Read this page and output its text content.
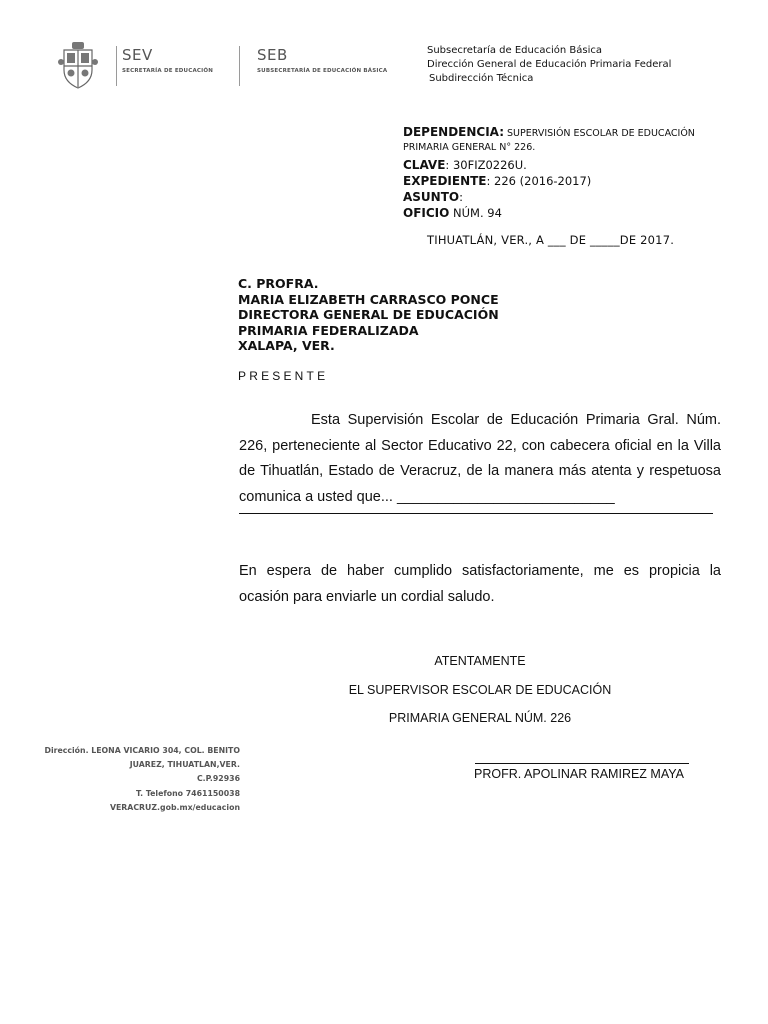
SEV
SECRETARÍA DE EDUCACIÓN
SEB
SUBSECRETARÍA DE EDUCACIÓN BÁSICA
Subsecretaría de Educación Básica
Dirección General de Educación Primaria Federal
Subdirección Técnica
DEPENDENCIA: SUPERVISIÓN ESCOLAR DE EDUCACIÓN
PRIMARIA GENERAL N° 226.
CLAVE: 30FIZ0226U.
EXPEDIENTE: 226 (2016-2017)
ASUNTO:
OFICIO NÚM. 94
TIHUATLÁN, VER., A ___ DE _____DE 2017.
C. PROFRA.
MARIA ELIZABETH CARRASCO PONCE
DIRECTORA GENERAL DE EDUCACIÓN
PRIMARIA FEDERALIZADA
XALAPA, VER.
PRESENTE
Esta Supervisión Escolar de Educación Primaria Gral. Núm. 226, perteneciente al Sector Educativo 22, con cabecera oficial en la Villa de Tihuatlán, Estado de Veracruz, de la manera más atenta y respetuosa comunica a usted que... ___________________________
En espera de haber cumplido satisfactoriamente, me es propicia la ocasión para enviarle un cordial saludo.
ATENTAMENTE
EL SUPERVISOR ESCOLAR DE EDUCACIÓN
PRIMARIA GENERAL NÚM. 226
PROFR. APOLINAR RAMIREZ MAYA
Dirección. LEONA VICARIO 304, COL. BENITO
JUAREZ, TIHUATLAN,VER.
C.P.92936
T. Telefono 7461150038
VERACRUZ.gob.mx/educacion
